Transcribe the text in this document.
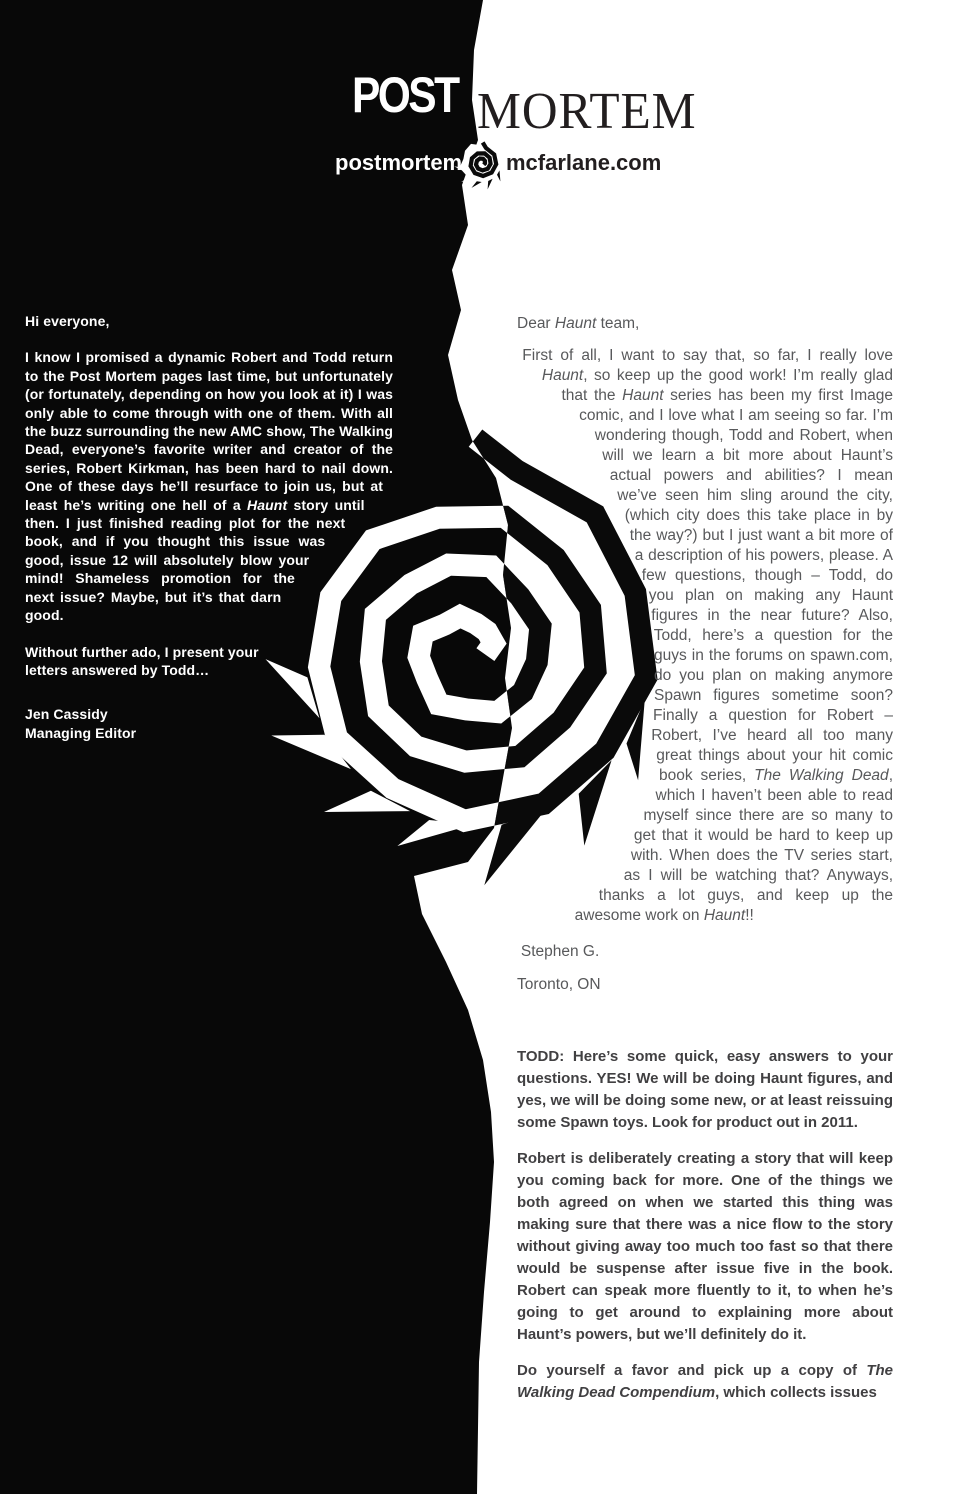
POST MORTEM
postmortem mcfarlane.com

Hi everyone,

I know I promised a dynamic Robert and Todd return to the Post Mortem pages last time, but unfortunately (or fortunately, depending on how you look at it) I was only able to come through with one of them. With all the buzz surrounding the new AMC show, The Walking Dead, everyone’s favorite writer and creator of the series, Robert Kirkman, has been hard to nail down. One of these days he’ll resurface to join us, but at least he’s writing one hell of a Haunt story until then. I just finished reading plot for the next book, and if you thought this issue was good, issue 12 will absolutely blow your mind! Shameless promotion for the next issue? Maybe, but it’s that darn good.

Without further ado, I present your letters answered by Todd…

Jen Cassidy

Managing Editor

Dear Haunt team,

First of all, I want to say that, so far, I really love Haunt, so keep up the good work! I’m really glad that the Haunt series has been my first Image comic, and I love what I am seeing so far. I’m wondering though, Todd and Robert, when will we learn a bit more about Haunt’s actual powers and abilities? I mean we’ve seen him sling around the city, (which city does this take place in by the way?) but I just want a bit more of a description of his powers, please. A few questions, though – Todd, do you plan on making any Haunt figures in the near future? Also, Todd, here’s a question for the guys in the forums on spawn.com, do you plan on making anymore Spawn figures sometime soon? Finally a question for Robert – Robert, I’ve heard all too many great things about your hit comic book series, The Walking Dead, which I haven’t been able to read myself since there are so many to get that it would be hard to keep up with. When does the TV series start, as I will be watching that? Anyways, thanks a lot guys, and keep up the awesome work on Haunt!!

Stephen G.

Toronto, ON

TODD: Here’s some quick, easy answers to your questions. YES! We will be doing Haunt figures, and yes, we will be doing some new, or at least reissuing some Spawn toys. Look for product out in 2011.

Robert is deliberately creating a story that will keep you coming back for more. One of the things we both agreed on when we started this thing was making sure that there was a nice flow to the story without giving away too much too fast so that there would be suspense after issue five in the book. Robert can speak more fluently to it, to when he’s going to get around to explaining more about Haunt’s powers, but we’ll definitely do it.

Do yourself a favor and pick up a copy of The Walking Dead Compendium, which collects issues
